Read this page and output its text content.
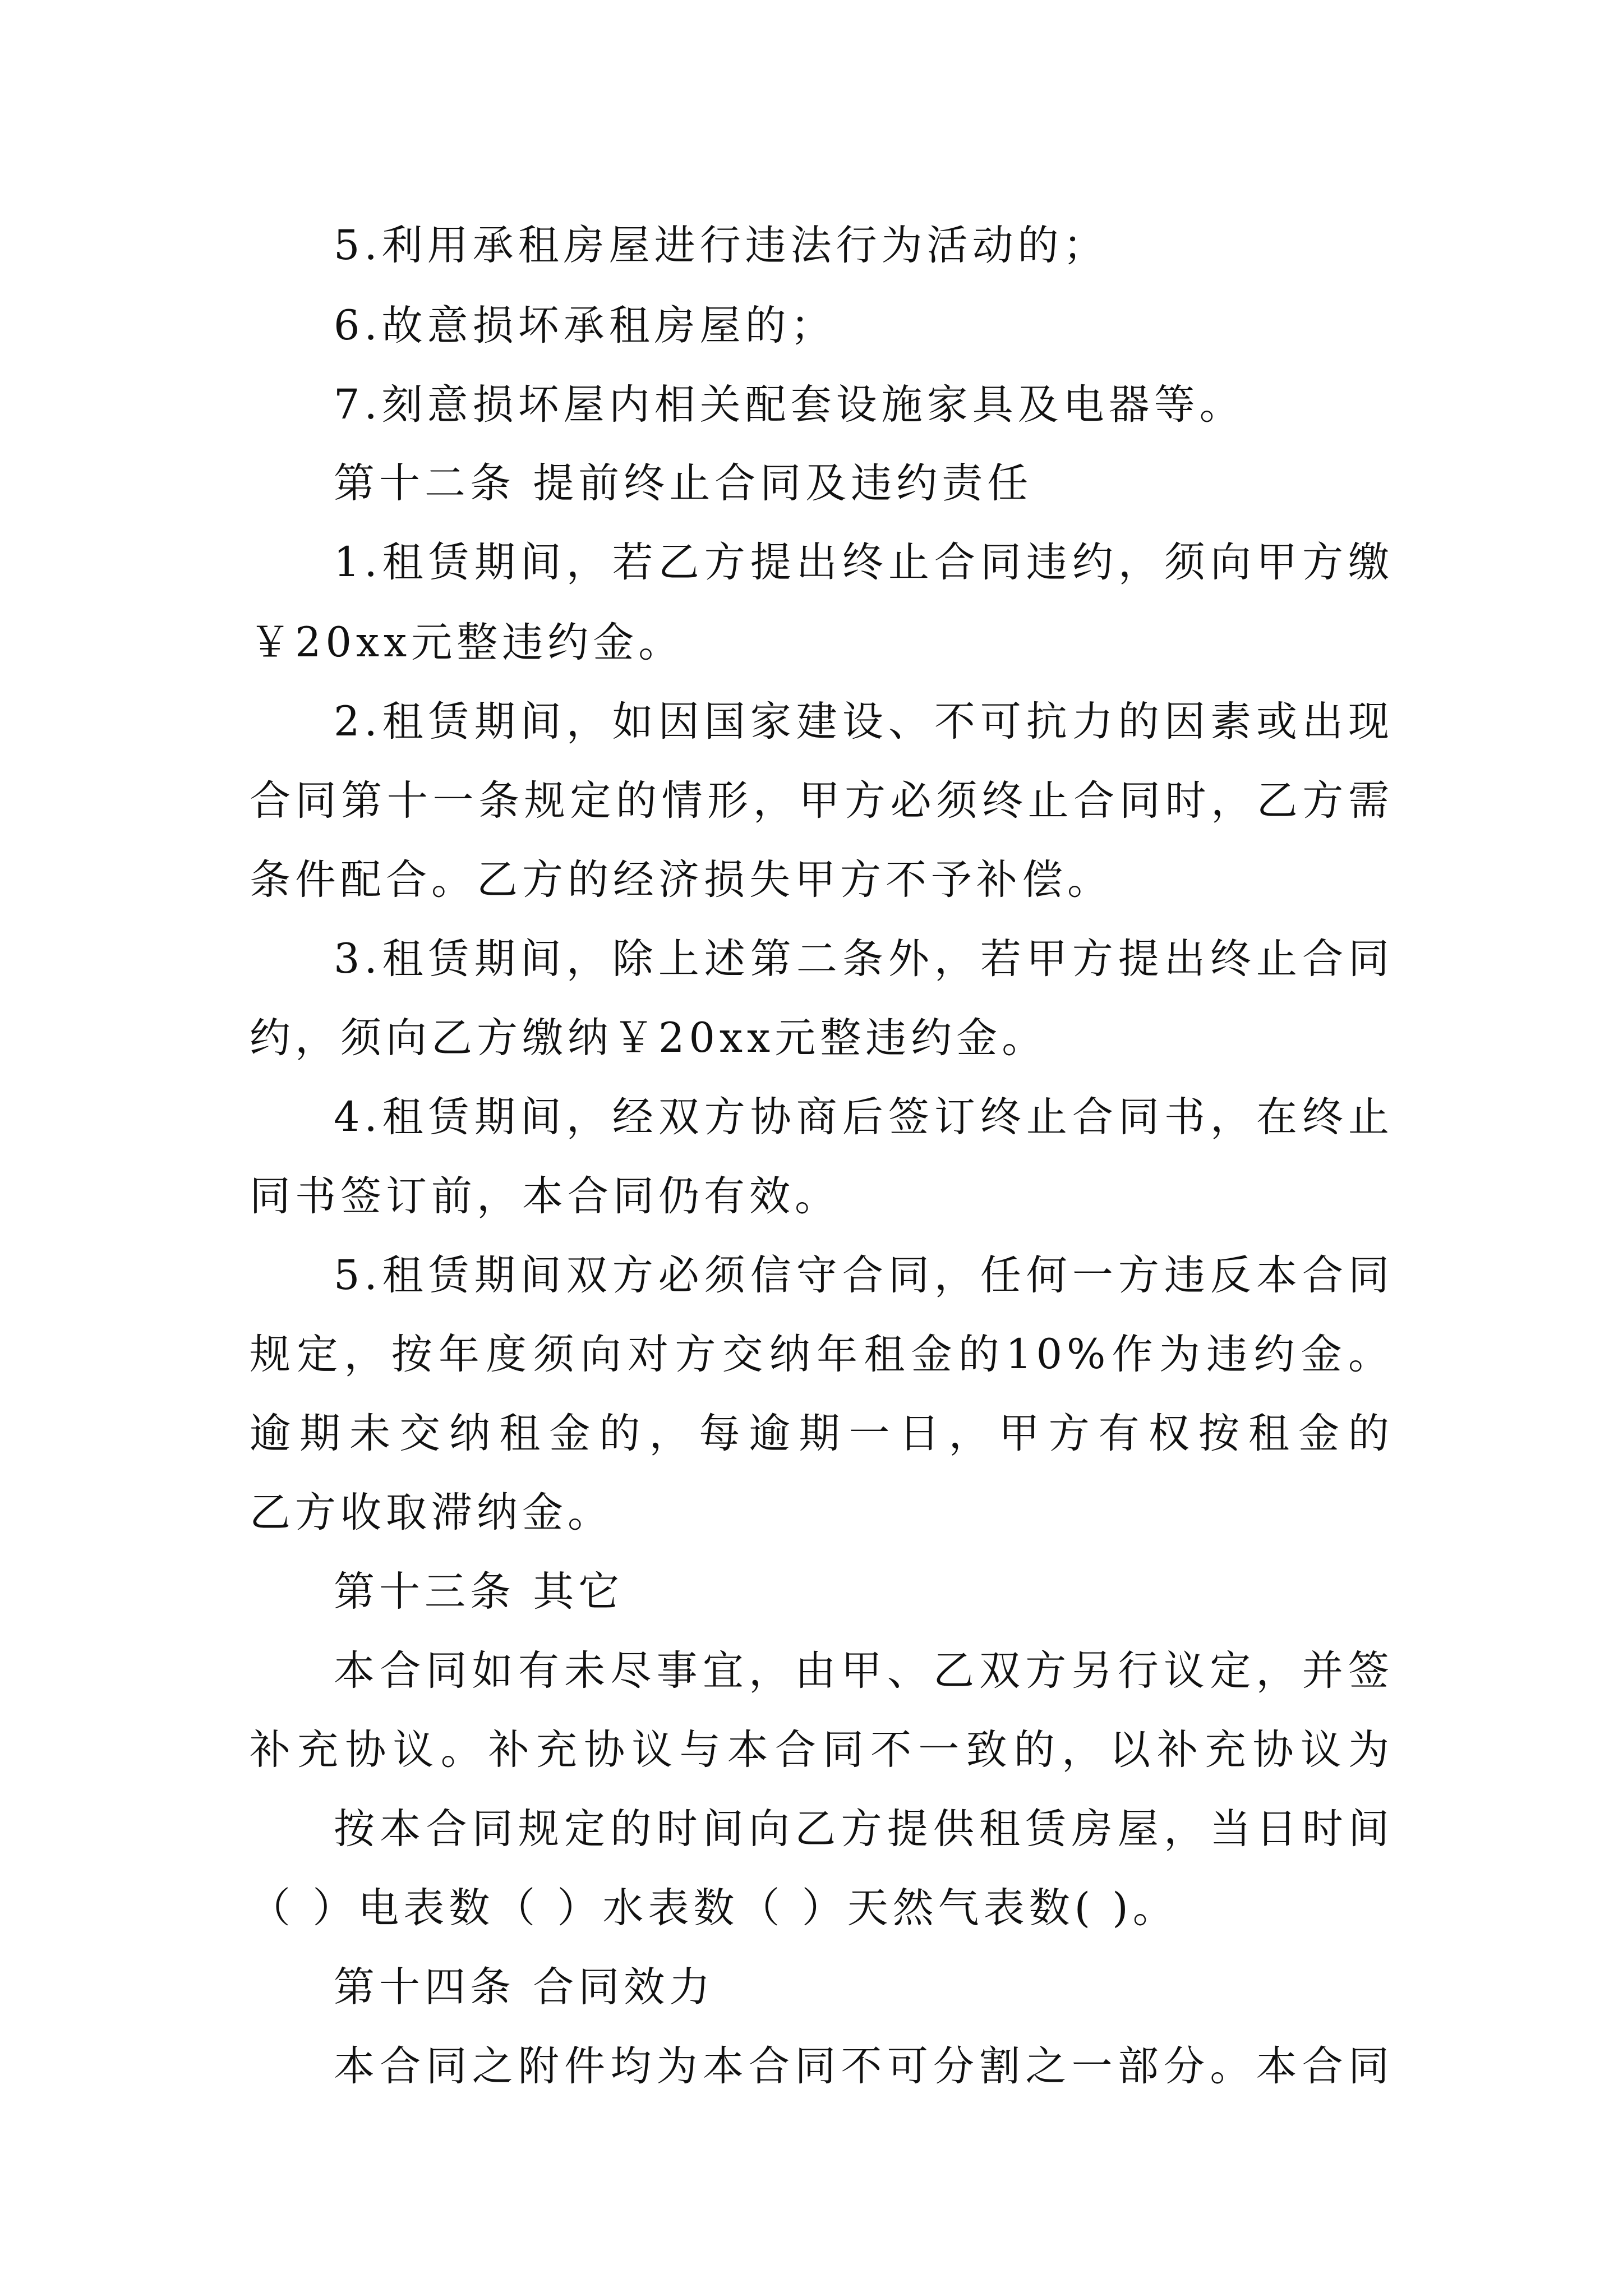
5.利用承租房屋进行违法行为活动的；
6.故意损坏承租房屋的；
7.刻意损坏屋内相关配套设施家具及电器等。
第十二条 提前终止合同及违约责任
1.租赁期间，若乙方提出终止合同违约，须向甲方缴
￥20xx元整违约金。
2.租赁期间，如因国家建设、不可抗力的因素或出现
合同第十一条规定的情形，甲方必须终止合同时，乙方需
条件配合。乙方的经济损失甲方不予补偿。
3.租赁期间，除上述第二条外，若甲方提出终止合同
约，须向乙方缴纳￥20xx元整违约金。
4.租赁期间，经双方协商后签订终止合同书，在终止
同书签订前，本合同仍有效。
5.租赁期间双方必须信守合同，任何一方违反本合同
规定，按年度须向对方交纳年租金的10%作为违约金。
逾期未交纳租金的，每逾期一日，甲方有权按租金的
乙方收取滞纳金。
第十三条 其它
本合同如有未尽事宜，由甲、乙双方另行议定，并签
补充协议。补充协议与本合同不一致的，以补充协议为
按本合同规定的时间向乙方提供租赁房屋，当日时间
（ ）电表数（ ）水表数（ ）天然气表数( )。
第十四条 合同效力
本合同之附件均为本合同不可分割之一部分。本合同
